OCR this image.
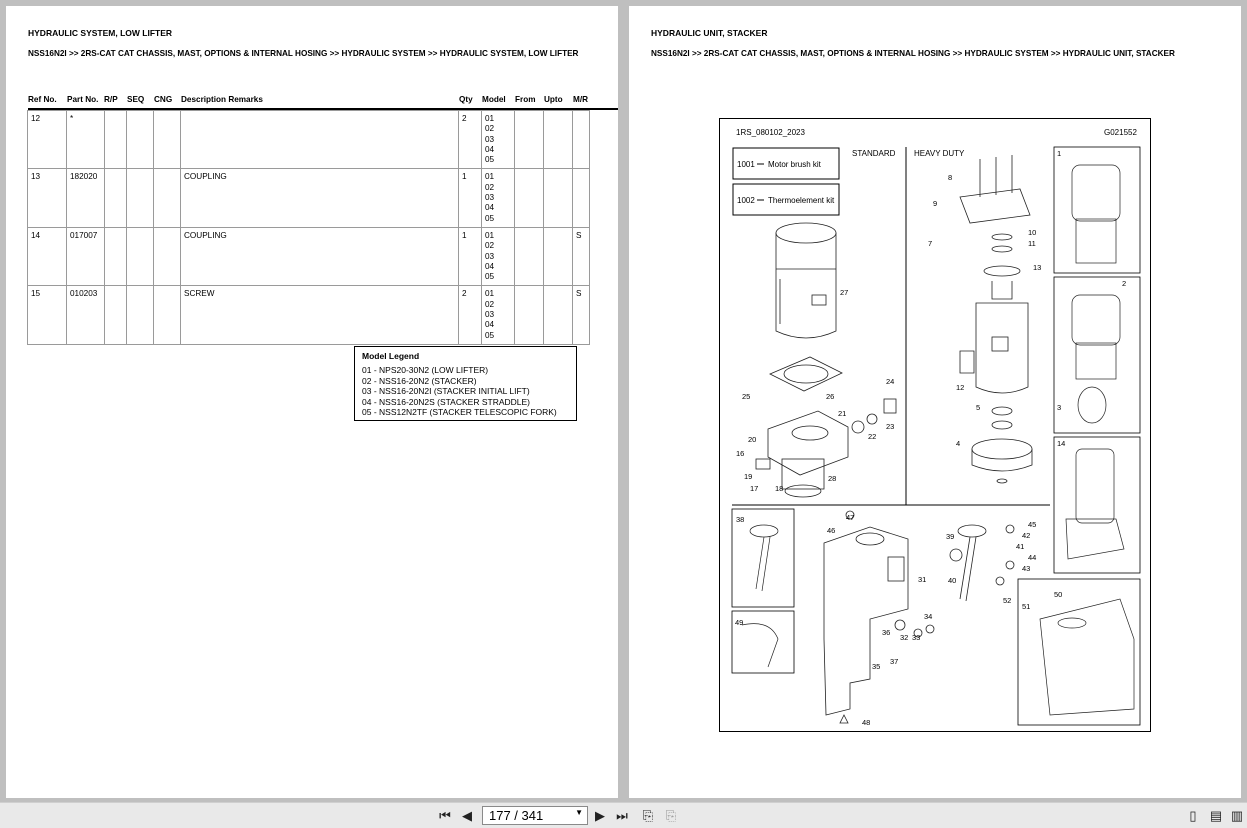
HYDRAULIC SYSTEM, LOW LIFTER
NSS16N2I >> 2RS-CAT CAT CHASSIS, MAST, OPTIONS & INTERNAL HOSING >> HYDRAULIC SYSTEM >> HYDRAULIC SYSTEM, LOW LIFTER
Ref No. Part No. R/P SEQ CNG Description Remarks	Qty Model From Upto M/R
12	*					2	01
02
03
04
05			
13	182020				COUPLING	1	01
02
03
04
05			
14	017007				COUPLING	1	01
02
03
04
05			S
15	010203				SCREW	2	01
02
03
04
05			S
Model Legend
01 - NPS20-30N2 (LOW LIFTER)
02 - NSS16-20N2 (STACKER)
03 - NSS16-20N2I (STACKER INITIAL LIFT)
04 - NSS16-20N2S (STACKER STRADDLE)
05 - NSS12N2TF (STACKER TELESCOPIC FORK)
HYDRAULIC UNIT, STACKER
NSS16N2I >> 2RS-CAT CAT CHASSIS, MAST, OPTIONS & INTERNAL HOSING >> HYDRAULIC SYSTEM >> HYDRAULIC UNIT, STACKER
1RS_080102_2023	G021552
STANDARD HEAVY DUTY
1001 Motor brush kit
1002 Thermoelement kit
1
2
3
4
5
7
8
9
10
11
12
13
14
16
17 18
19
20
21
22
23
24
25	26
27
28
31
32 33
34
35
36
37
38
39
40
41
42
43
44
45
46
47
48
49
50
51
52
⏮ ◀ 177 / 341	▼ ▶ ⏭ ⎘ ⎘	▯	▤ ▥
